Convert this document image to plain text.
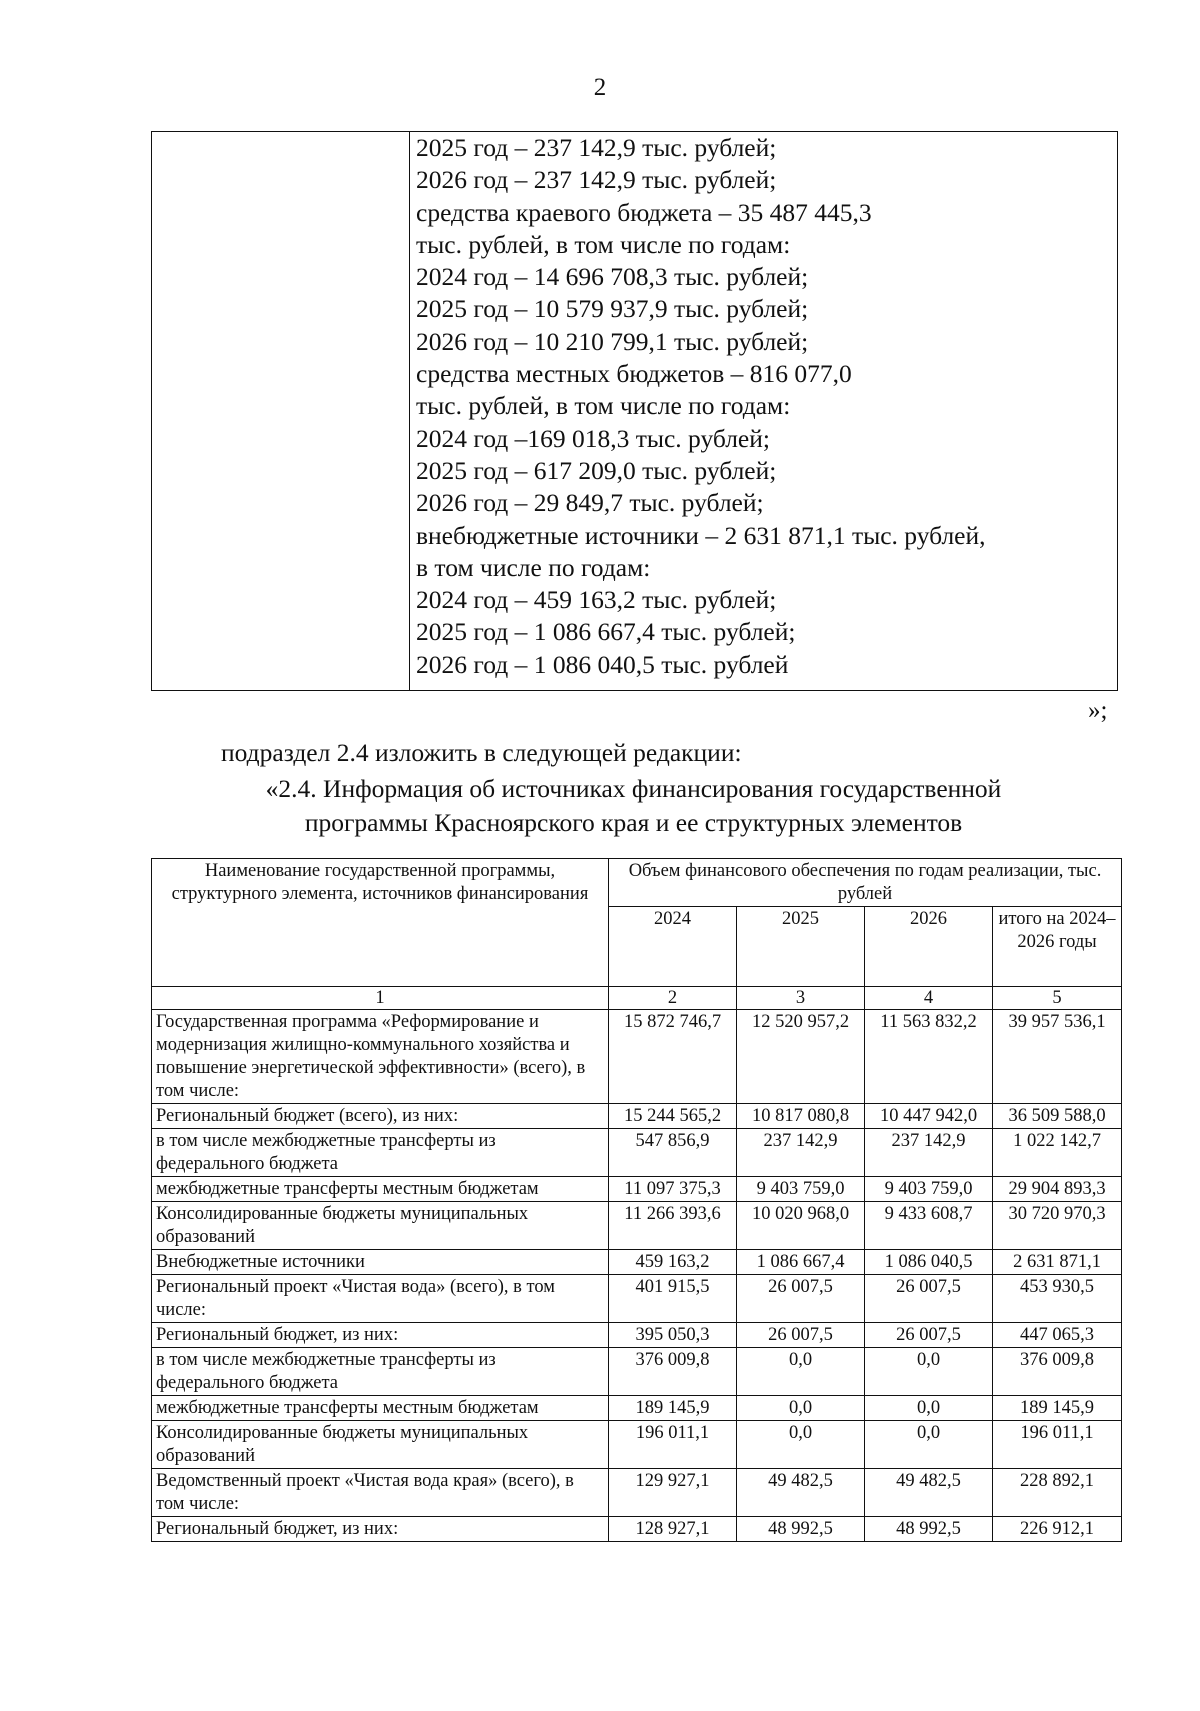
2
2025 год – 237 142,9 тыс. рублей;
2026 год – 237 142,9 тыс. рублей;
средства краевого бюджета – 35 487 445,3
тыс. рублей, в том числе по годам:
2024 год – 14 696 708,3 тыс. рублей;
2025 год – 10 579 937,9 тыс. рублей;
2026 год – 10 210 799,1 тыс. рублей;
средства местных бюджетов – 816 077,0
тыс. рублей, в том числе по годам:
2024 год –169 018,3 тыс. рублей;
2025 год – 617 209,0 тыс. рублей;
2026 год – 29 849,7 тыс. рублей;
внебюджетные источники – 2 631 871,1 тыс. рублей,
в том числе по годам:
2024 год – 459 163,2 тыс. рублей;
2025 год – 1 086 667,4 тыс. рублей;
2026 год – 1 086 040,5 тыс. рублей
»;
подраздел 2.4 изложить в следующей редакции:
«2.4. Информация об источниках финансирования государственной
программы Красноярского края и ее структурных элементов
Наименование государственной программы, структурного элемента, источников финансирования	Объем финансового обеспечения по годам реализации, тыс. рублей			
	2024	2025	2026	итого на 2024–2026 годы
1	2	3	4	5
Государственная программа «Реформирование и модернизация жилищно-коммунального хозяйства и повышение энергетической эффективности» (всего), в том числе:	15 872 746,7	12 520 957,2	11 563 832,2	39 957 536,1
Региональный бюджет (всего), из них:	15 244 565,2	10 817 080,8	10 447 942,0	36 509 588,0
в том числе межбюджетные трансферты из федерального бюджета	547 856,9	237 142,9	237 142,9	1 022 142,7
межбюджетные трансферты местным бюджетам	11 097 375,3	9 403 759,0	9 403 759,0	29 904 893,3
Консолидированные бюджеты муниципальных образований	11 266 393,6	10 020 968,0	9 433 608,7	30 720 970,3
Внебюджетные источники	459 163,2	1 086 667,4	1 086 040,5	2 631 871,1
Региональный проект «Чистая вода» (всего), в том числе:	401 915,5	26 007,5	26 007,5	453 930,5
Региональный бюджет, из них:	395 050,3	26 007,5	26 007,5	447 065,3
в том числе межбюджетные трансферты из федерального бюджета	376 009,8	0,0	0,0	376 009,8
межбюджетные трансферты местным бюджетам	189 145,9	0,0	0,0	189 145,9
Консолидированные бюджеты муниципальных образований	196 011,1	0,0	0,0	196 011,1
Ведомственный проект «Чистая вода края» (всего), в том числе:	129 927,1	49 482,5	49 482,5	228 892,1
Региональный бюджет, из них:	128 927,1	48 992,5	48 992,5	226 912,1
